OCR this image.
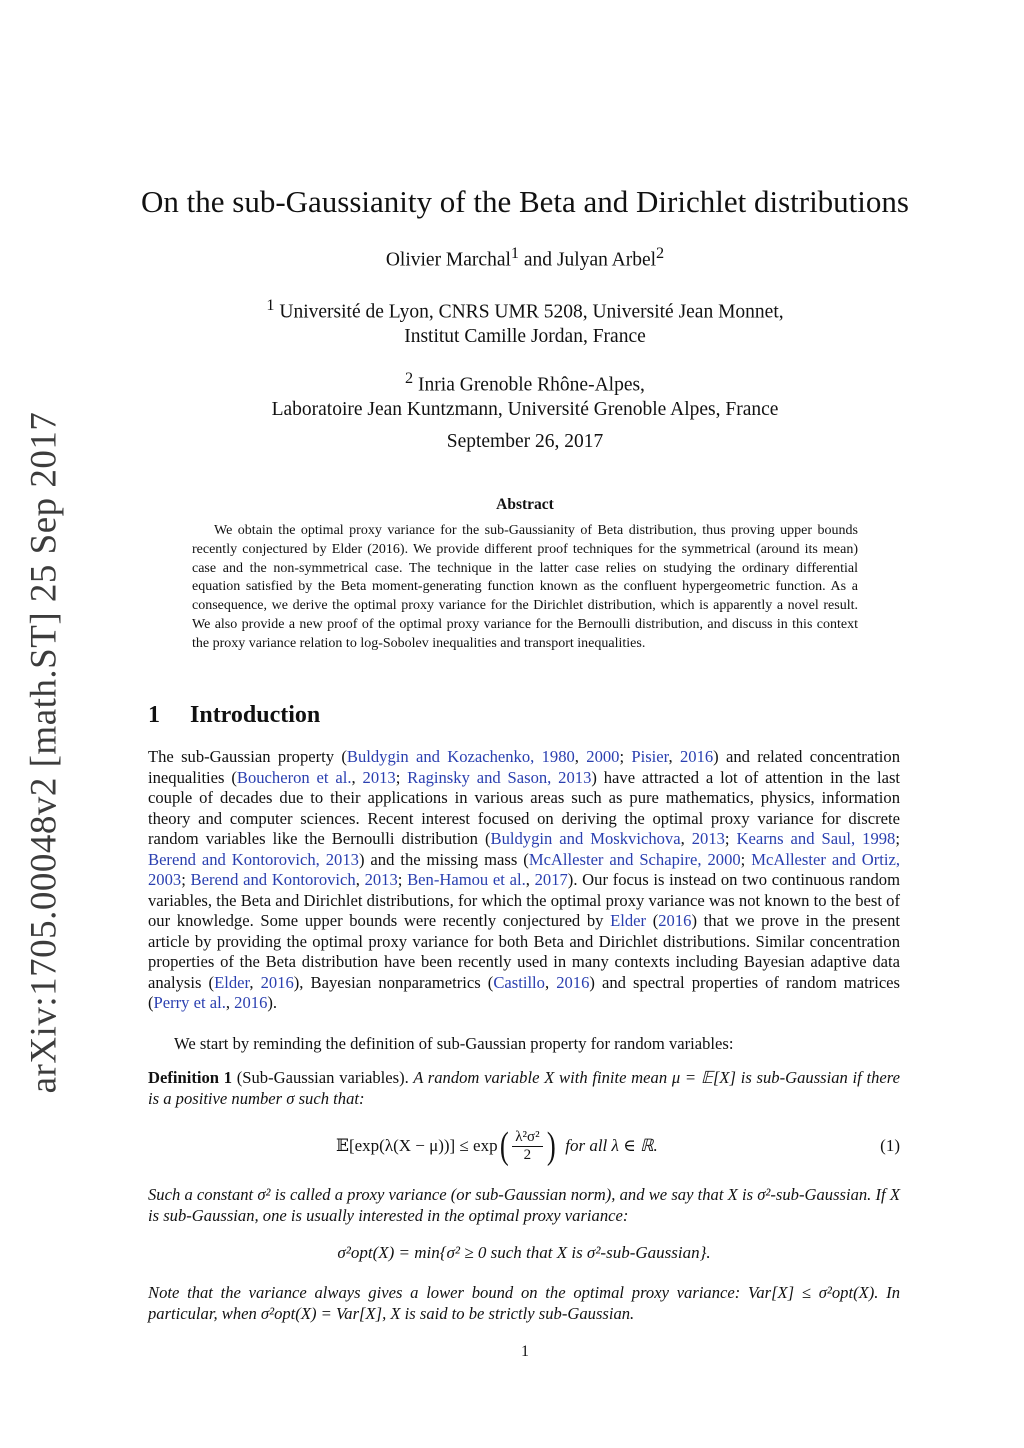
arXiv:1705.00048v2 [math.ST] 25 Sep 2017
On the sub-Gaussianity of the Beta and Dirichlet distributions
Olivier Marchal$^1$ and Julyan Arbel$^2$
$^1$ Université de Lyon, CNRS UMR 5208, Université Jean Monnet,
Institut Camille Jordan, France
$^2$ Inria Grenoble Rhône-Alpes,
Laboratoire Jean Kuntzmann, Université Grenoble Alpes, France
September 26, 2017
Abstract
We obtain the optimal proxy variance for the sub-Gaussianity of Beta distribution, thus proving upper bounds recently conjectured by Elder (2016). We provide different proof techniques for the symmetrical (around its mean) case and the non-symmetrical case. The technique in the latter case relies on studying the ordinary differential equation satisfied by the Beta moment-generating function known as the confluent hypergeometric function. As a consequence, we derive the optimal proxy variance for the Dirichlet distribution, which is apparently a novel result. We also provide a new proof of the optimal proxy variance for the Bernoulli distribution, and discuss in this context the proxy variance relation to log-Sobolev inequalities and transport inequalities.
1 Introduction
The sub-Gaussian property (Buldygin and Kozachenko, 1980, 2000; Pisier, 2016) and related concentration inequalities (Boucheron et al., 2013; Raginsky and Sason, 2013) have attracted a lot of attention in the last couple of decades due to their applications in various areas such as pure mathematics, physics, information theory and computer sciences. Recent interest focused on deriving the optimal proxy variance for discrete random variables like the Bernoulli distribution (Buldygin and Moskvichova, 2013; Kearns and Saul, 1998; Berend and Kontorovich, 2013) and the missing mass (McAllester and Schapire, 2000; McAllester and Ortiz, 2003; Berend and Kontorovich, 2013; Ben-Hamou et al., 2017). Our focus is instead on two continuous random variables, the Beta and Dirichlet distributions, for which the optimal proxy variance was not known to the best of our knowledge. Some upper bounds were recently conjectured by Elder (2016) that we prove in the present article by providing the optimal proxy variance for both Beta and Dirichlet distributions. Similar concentration properties of the Beta distribution have been recently used in many contexts including Bayesian adaptive data analysis (Elder, 2016), Bayesian nonparametrics (Castillo, 2016) and spectral properties of random matrices (Perry et al., 2016).
We start by reminding the definition of sub-Gaussian property for random variables:
Definition 1 (Sub-Gaussian variables). A random variable X with finite mean μ = 𝔼[X] is sub-Gaussian if there is a positive number σ such that:
𝔼[exp(λ(X − μ))] ≤ exp ( $\frac{\text{λ²σ²}}{2}$ ) for all λ ∈ ℝ.	(1)
Such a constant σ² is called a proxy variance (or sub-Gaussian norm), and we say that X is σ²-sub-Gaussian. If X is sub-Gaussian, one is usually interested in the optimal proxy variance:
σ²opt(X) = min{σ² ≥ 0 such that X is σ²-sub-Gaussian}.
Note that the variance always gives a lower bound on the optimal proxy variance: Var[X] ≤ σ²opt(X). In particular, when σ²opt(X) = Var[X], X is said to be strictly sub-Gaussian.
1
